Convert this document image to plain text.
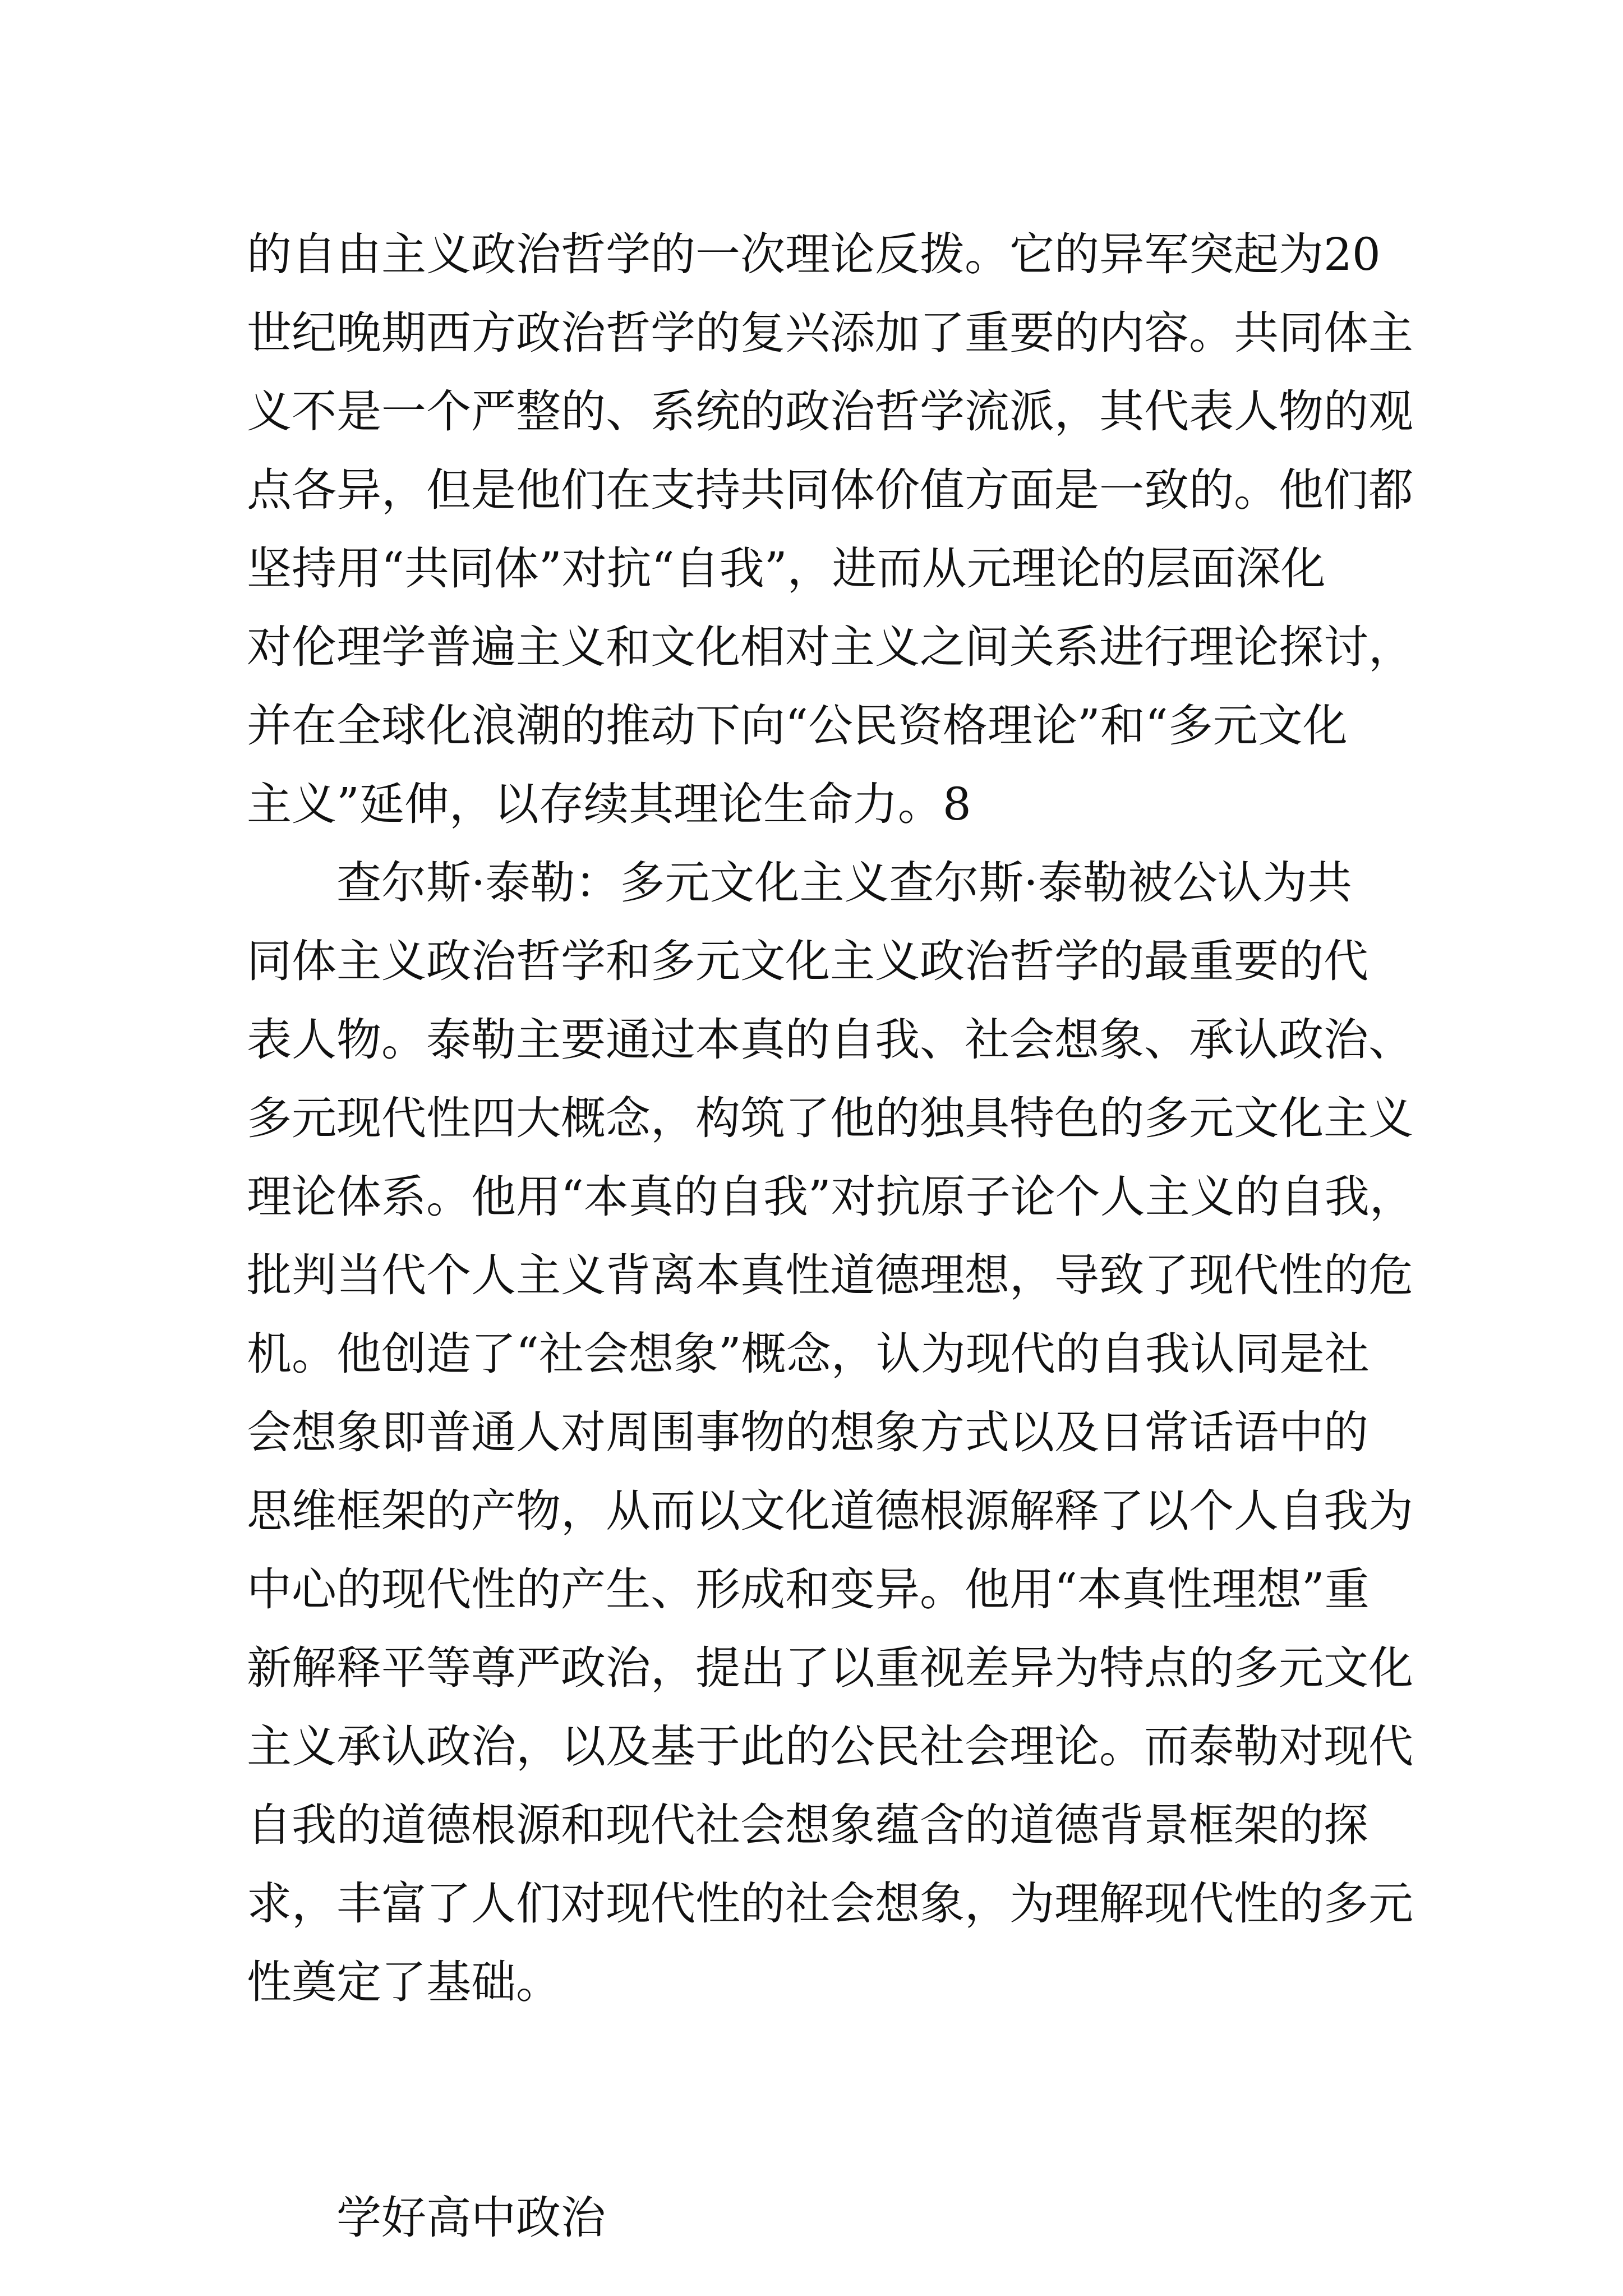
的自由主义政治哲学的一次理论反拨。它的异军突起为20
世纪晚期西方政治哲学的复兴添加了重要的内容。共同体主
义不是一个严整的、系统的政治哲学流派，其代表人物的观
点各异，但是他们在支持共同体价值方面是一致的。他们都
坚持用“共同体”对抗“自我”，进而从元理论的层面深化
对伦理学普遍主义和文化相对主义之间关系进行理论探讨，
并在全球化浪潮的推动下向“公民资格理论”和“多元文化
主义”延伸，以存续其理论生命力。8
查尔斯·泰勒：多元文化主义查尔斯·泰勒被公认为共
同体主义政治哲学和多元文化主义政治哲学的最重要的代
表人物。泰勒主要通过本真的自我、社会想象、承认政治、
多元现代性四大概念，构筑了他的独具特色的多元文化主义
理论体系。他用“本真的自我”对抗原子论个人主义的自我，
批判当代个人主义背离本真性道德理想，导致了现代性的危
机。他创造了“社会想象”概念，认为现代的自我认同是社
会想象即普通人对周围事物的想象方式以及日常话语中的
思维框架的产物，从而以文化道德根源解释了以个人自我为
中心的现代性的产生、形成和变异。他用“本真性理想”重
新解释平等尊严政治，提出了以重视差异为特点的多元文化
主义承认政治，以及基于此的公民社会理论。而泰勒对现代
自我的道德根源和现代社会想象蕴含的道德背景框架的探
求，丰富了人们对现代性的社会想象，为理解现代性的多元
性奠定了基础。
学好高中政治
